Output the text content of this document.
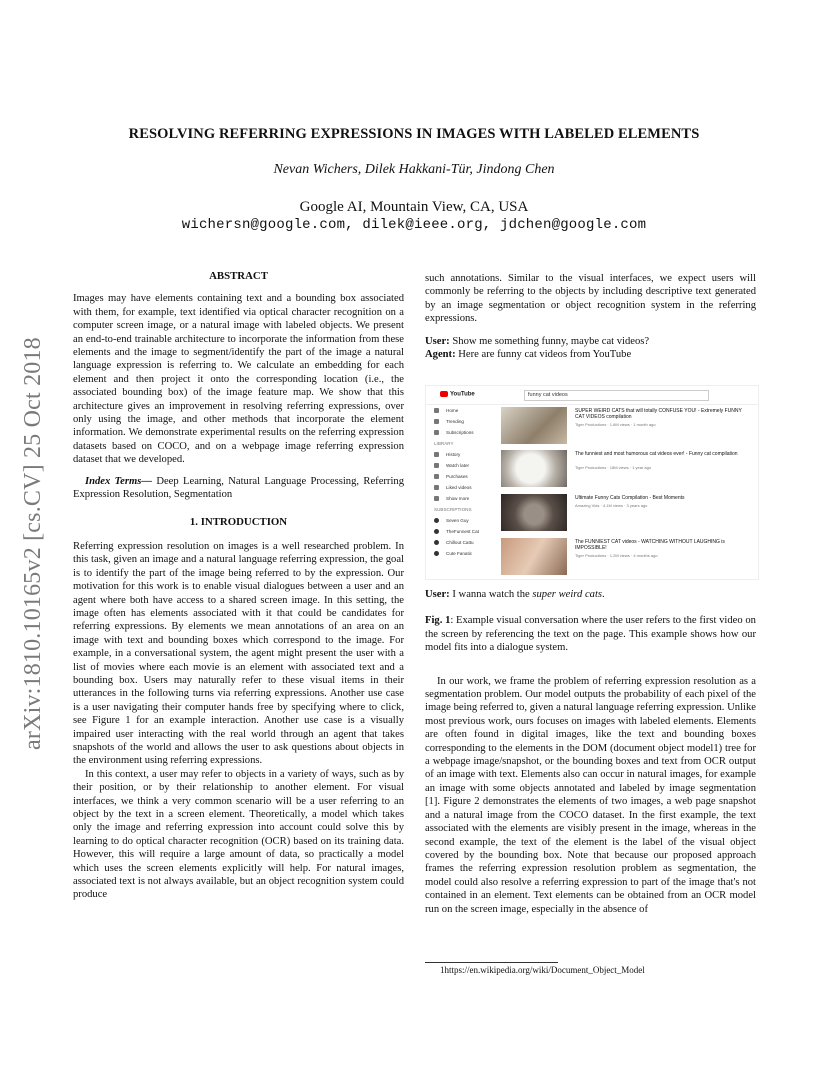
RESOLVING REFERRING EXPRESSIONS IN IMAGES WITH LABELED ELEMENTS
Nevan Wichers, Dilek Hakkani-Tür, Jindong Chen
Google AI, Mountain View, CA, USA
wichersn@google.com, dilek@ieee.org, jdchen@google.com
arXiv:1810.10165v2 [cs.CV] 25 Oct 2018

ABSTRACT

Images may have elements containing text and a bounding box associated with them, for example, text identified via optical character recognition on a computer screen image, or a natural image with labeled objects. We present an end-to-end trainable architecture to incorporate the information from these elements and the image to segment/identify the part of the image a natural language expression is referring to. We calculate an embedding for each element and then project it onto the corresponding location (i.e., the associated bounding box) of the image feature map. We show that this architecture gives an improvement in resolving referring expressions, over only using the image, and other methods that incorporate the element information. We demonstrate experimental results on the referring expression datasets based on COCO, and on a webpage image referring expression dataset that we developed.

Index Terms— Deep Learning, Natural Language Processing, Referring Expression Resolution, Segmentation

1. INTRODUCTION

Referring expression resolution on images is a well researched problem. In this task, given an image and a natural language referring expression, the goal is to identify the part of the image being referred to by the expression. Our motivation for this work is to enable visual dialogues between a user and an agent where both have access to a shared screen image. In this setting, the image often has elements associated with it that could be candidates for referring expressions. By elements we mean annotations of an area on an image with text and bounding boxes which correspond to the image. For example, in a conversational system, the agent might present the user with a list of movies where each movie is an element with associated text and a bounding box. Users may naturally refer to these visual items in their utterances in the following turns via referring expressions. Another use case is a user navigating their computer hands free by specifying where to click, see Figure 1 for an example interaction. Another use case is a visually impaired user interacting with the real world through an agent that takes snapshots of the world and allows the user to ask questions about objects in the environment using referring expressions.

In this context, a user may refer to objects in a variety of ways, such as by their position, or by their relationship to another element. For visual interfaces, we think a very common scenario will be a user referring to an object by the text in a screen element. Theoretically, a model which takes only the image and referring expression into account could solve this by learning to do optical character recognition (OCR) based on its training data. However, this will require a large amount of data, so practically a model which uses the screen elements explicitly will help. For natural images, associated text is not always available, but an object recognition system could produce

such annotations. Similar to the visual interfaces, we expect users will commonly be referring to the objects by including descriptive text generated by an image segmentation or object recognition system in the referring expressions.

User: Show me something funny, maybe cat videos?

Agent: Here are funny cat videos from YouTube

YouTube	funny cat videos
Home
Trending
Subscriptions
LIBRARY
History
Watch later
Purchases
Liked videos
Show more
SUBSCRIPTIONS
Seven Guy
TheFunnest Cat
Chillout Cattu
Cute Fanatic
SUPER WEIRD CATS that will totally CONFUSE YOU! - Extremely FUNNY CAT VIDEOS compilation
Tiger Productions · 1.6M views · 1 month ago
The funniest and most humorous cat videos ever! - Funny cat compilation
Tiger Productions · 18M views · 1 year ago
Ultimate Funny Cats Compilation - Best Moments
Amazing Vids · 4.1M views · 3 years ago
The FUNNIEST CAT videos - WATCHING WITHOUT LAUGHING is IMPOSSIBLE!
Tiger Productions · 1.2M views · 4 months ago

User: I wanna watch the super weird cats.

Fig. 1: Example visual conversation where the user refers to the first video on the screen by referencing the text on the page. This example shows how our model fits into a dialogue system.

In our work, we frame the problem of referring expression resolution as a segmentation problem. Our model outputs the probability of each pixel of the image being referred to, given a natural language referring expression. Unlike most previous work, ours focuses on images with labeled elements. Elements are often found in digital images, like the text and bounding boxes corresponding to the elements in the DOM (document object model1) tree for a webpage image/snapshot, or the bounding boxes and text from OCR output of an image with text. Elements also can occur in natural images, for example an image with some objects annotated and labeled by image segmentation [1]. Figure 2 demonstrates the elements of two images, a web page snapshot and a natural image from the COCO dataset. In the first example, the text associated with the elements are visibly present in the image, whereas in the second example, the text of the element is the label of the visual object covered by the bounding box. Note that because our proposed approach frames the referring expression resolution problem as segmentation, the model could also resolve a referring expression to part of the image that's not contained in an element. Text elements can be obtained from an OCR model run on the screen image, especially in the absence of

1https://en.wikipedia.org/wiki/Document_Object_Model
